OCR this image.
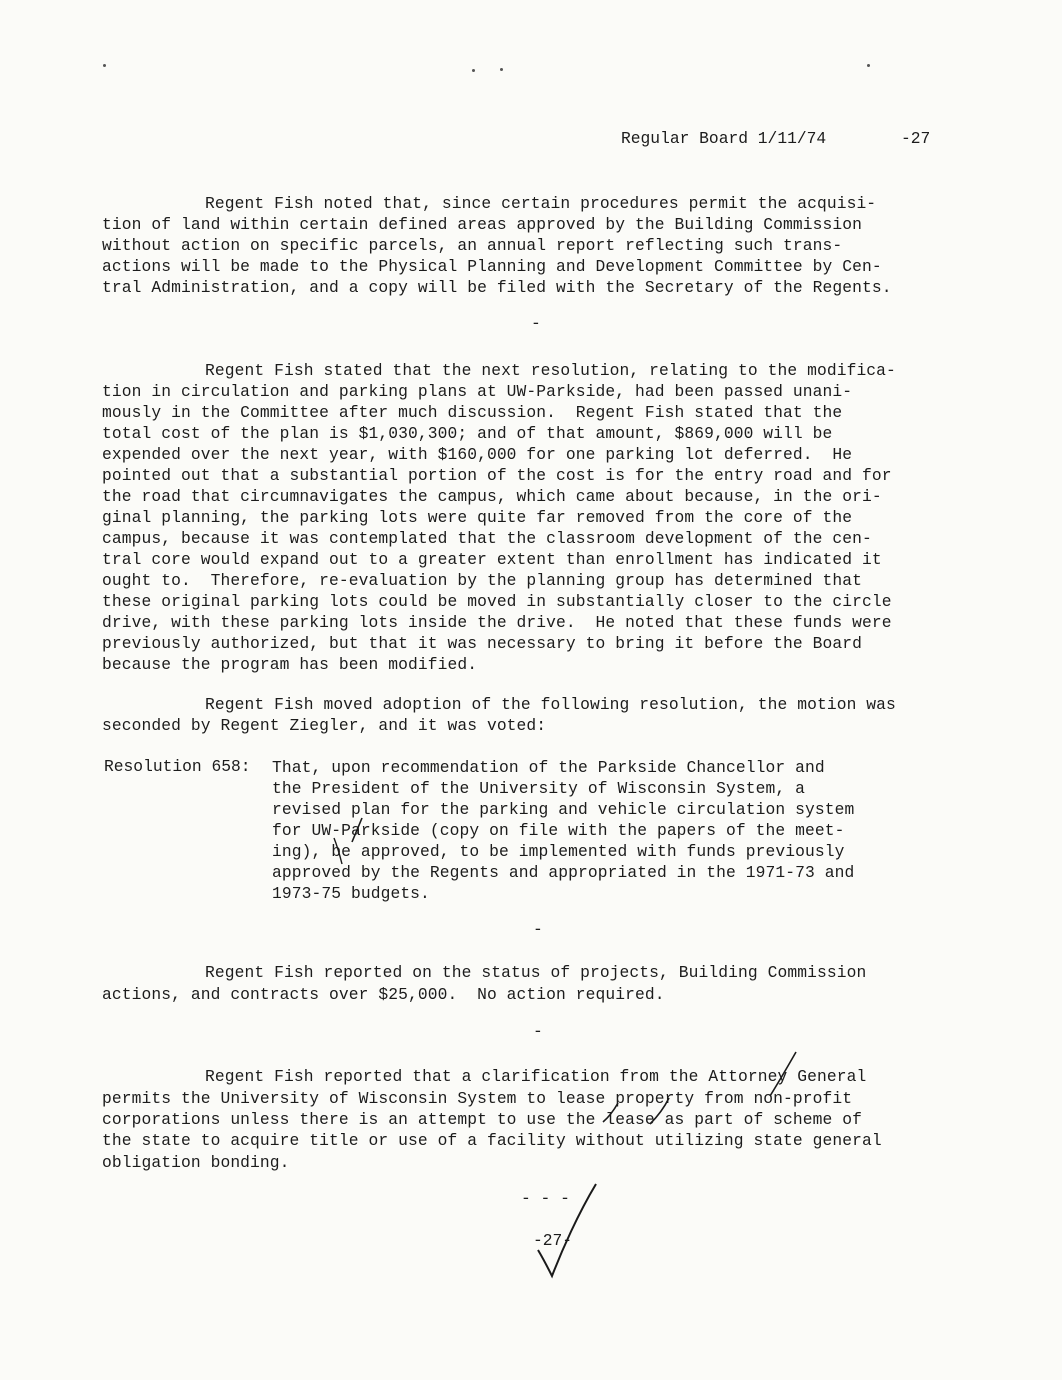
Regular Board 1/11/74	-27
Regent Fish noted that, since certain procedures permit the acquisi-
tion of land within certain defined areas approved by the Building Commission
without action on specific parcels, an annual report reflecting such trans-
actions will be made to the Physical Planning and Development Committee by Cen-
tral Administration, and a copy will be filed with the Secretary of the Regents.
-
Regent Fish stated that the next resolution, relating to the modifica-
tion in circulation and parking plans at UW-Parkside, had been passed unani-
mously in the Committee after much discussion.  Regent Fish stated that the
total cost of the plan is $1,030,300; and of that amount, $869,000 will be
expended over the next year, with $160,000 for one parking lot deferred.  He
pointed out that a substantial portion of the cost is for the entry road and for
the road that circumnavigates the campus, which came about because, in the ori-
ginal planning, the parking lots were quite far removed from the core of the
campus, because it was contemplated that the classroom development of the cen-
tral core would expand out to a greater extent than enrollment has indicated it
ought to.  Therefore, re-evaluation by the planning group has determined that
these original parking lots could be moved in substantially closer to the circle
drive, with these parking lots inside the drive.  He noted that these funds were
previously authorized, but that it was necessary to bring it before the Board
because the program has been modified.
Regent Fish moved adoption of the following resolution, the motion was
seconded by Regent Ziegler, and it was voted:
Resolution 658: That, upon recommendation of the Parkside Chancellor and
the President of the University of Wisconsin System, a
revised plan for the parking and vehicle circulation system
for UW-Parkside (copy on file with the papers of the meet-
ing), be approved, to be implemented with funds previously
approved by the Regents and appropriated in the 1971-73 and
1973-75 budgets.
-
Regent Fish reported on the status of projects, Building Commission
actions, and contracts over $25,000.  No action required.
-
Regent Fish reported that a clarification from the Attorney General
permits the University of Wisconsin System to lease property from non-profit
corporations unless there is an attempt to use the lease as part of scheme of
the state to acquire title or use of a facility without utilizing state general
obligation bonding.
- - -
-27-
